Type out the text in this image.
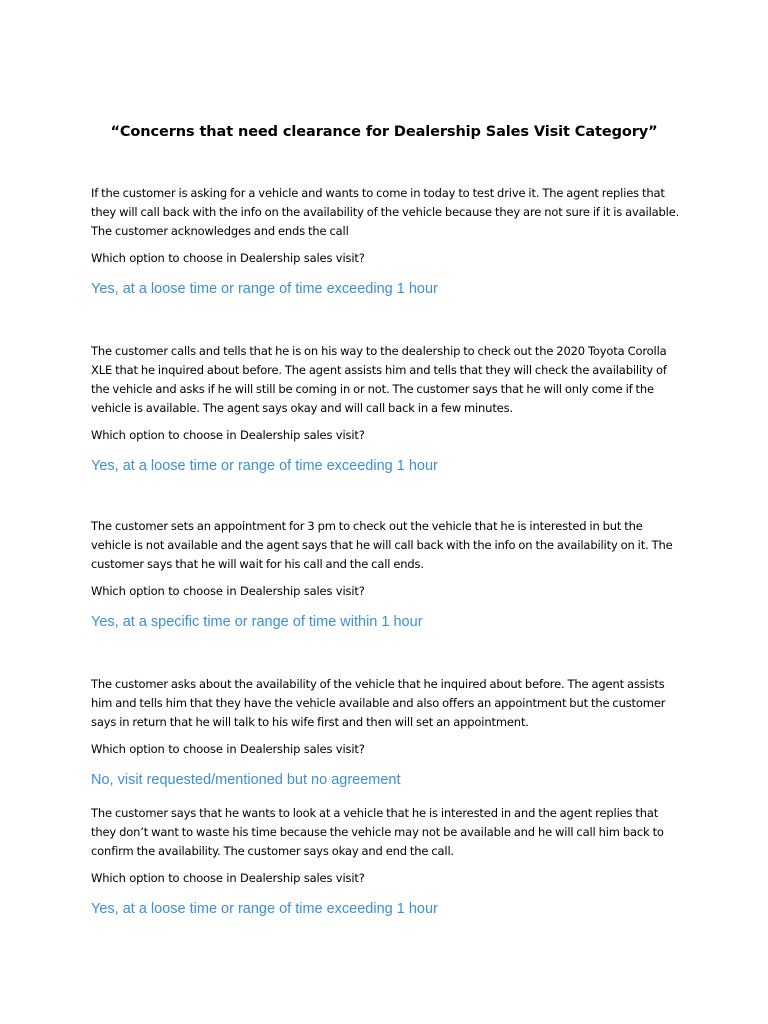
“Concerns that need clearance for Dealership Sales Visit Category”

If the customer is asking for a vehicle and wants to come in today to test drive it. The agent replies that they will call back with the info on the availability of the vehicle because they are not sure if it is available. The customer acknowledges and ends the call

Which option to choose in Dealership sales visit?

Yes, at a loose time or range of time exceeding 1 hour

The customer calls and tells that he is on his way to the dealership to check out the 2020 Toyota Corolla XLE that he inquired about before. The agent assists him and tells that they will check the availability of the vehicle and asks if he will still be coming in or not. The customer says that he will only come if the vehicle is available. The agent says okay and will call back in a few minutes.

Which option to choose in Dealership sales visit?

Yes, at a loose time or range of time exceeding 1 hour

The customer sets an appointment for 3 pm to check out the vehicle that he is interested in but the vehicle is not available and the agent says that he will call back with the info on the availability on it. The customer says that he will wait for his call and the call ends.

Which option to choose in Dealership sales visit?

Yes, at a specific time or range of time within 1 hour

The customer asks about the availability of the vehicle that he inquired about before. The agent assists him and tells him that they have the vehicle available and also offers an appointment but the customer says in return that he will talk to his wife first and then will set an appointment.

Which option to choose in Dealership sales visit?

No, visit requested/mentioned but no agreement

The customer says that he wants to look at a vehicle that he is interested in and the agent replies that they don’t want to waste his time because the vehicle may not be available and he will call him back to confirm the availability. The customer says okay and end the call.

Which option to choose in Dealership sales visit?

Yes, at a loose time or range of time exceeding 1 hour
